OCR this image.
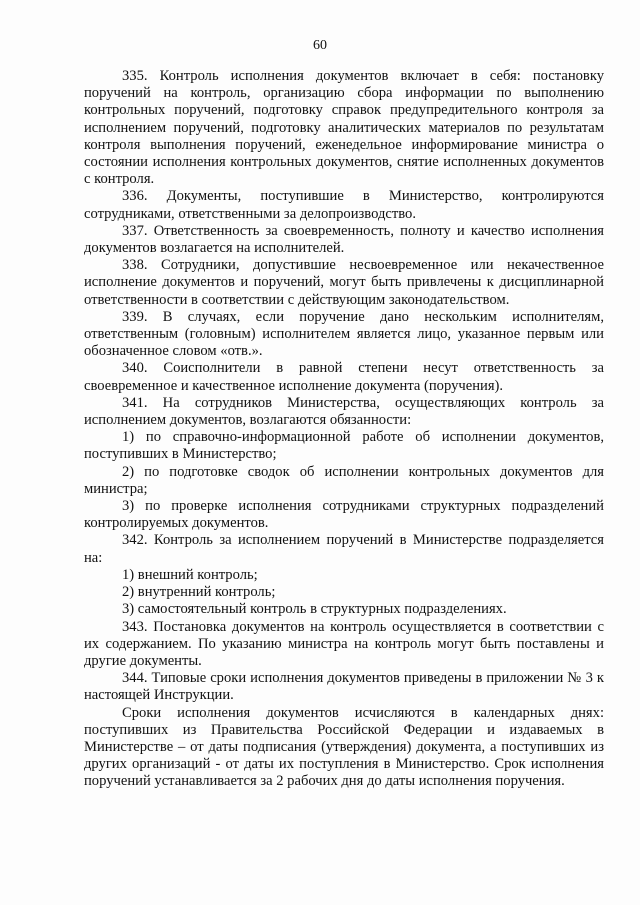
60

335. Контроль исполнения документов включает в себя: постановку поручений на контроль, организацию сбора информации по выполнению контрольных поручений, подготовку справок предупредительного контроля за исполнением поручений, подготовку аналитических материалов по результатам контроля выполнения поручений, еженедельное информирование министра о состоянии исполнения контрольных документов, снятие исполненных документов с контроля.

336. Документы, поступившие в Министерство, контролируются сотрудниками, ответственными за делопроизводство.

337. Ответственность за своевременность, полноту и качество исполнения документов возлагается на исполнителей.

338. Сотрудники, допустившие несвоевременное или некачественное исполнение документов и поручений, могут быть привлечены к дисциплинарной ответственности в соответствии с действующим законодательством.

339. В случаях, если поручение дано нескольким исполнителям, ответственным (головным) исполнителем является лицо, указанное первым или обозначенное словом «отв.».

340. Соисполнители в равной степени несут ответственность за своевременное и качественное исполнение документа (поручения).

341. На сотрудников Министерства, осуществляющих контроль за исполнением документов, возлагаются обязанности:

1) по справочно-информационной работе об исполнении документов, поступивших в Министерство;

2) по подготовке сводок об исполнении контрольных документов для министра;

3) по проверке исполнения сотрудниками структурных подразделений контролируемых документов.

342. Контроль за исполнением поручений в Министерстве подразделяется на:

1) внешний контроль;

2) внутренний контроль;

3) самостоятельный контроль в структурных подразделениях.

343. Постановка документов на контроль осуществляется в соответствии с их содержанием. По указанию министра на контроль могут быть поставлены и другие документы.

344. Типовые сроки исполнения документов приведены в приложении № 3 к настоящей Инструкции.

Сроки исполнения документов исчисляются в календарных днях: поступивших из Правительства Российской Федерации и издаваемых в Министерстве – от даты подписания (утверждения) документа, а поступивших из других организаций - от даты их поступления в Министерство. Срок исполнения поручений устанавливается за 2 рабочих дня до даты исполнения поручения.
